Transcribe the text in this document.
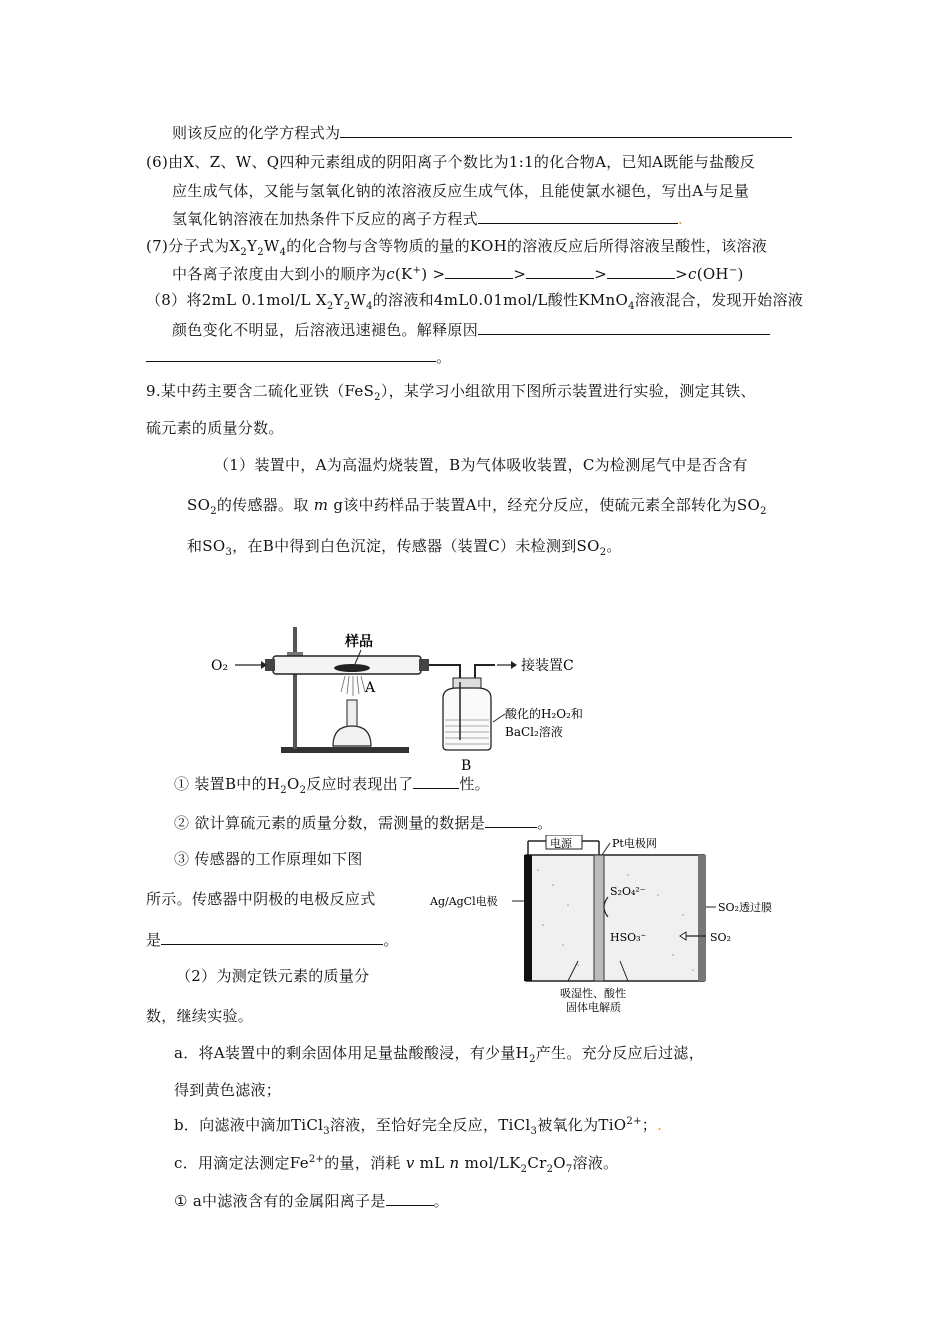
则该反应的化学方程式为
(6)由X、Z、W、Q四种元素组成的阴阳离子个数比为1:1的化合物A，已知A既能与盐酸反
应生成气体，又能与氢氧化钠的浓溶液反应生成气体，且能使氯水褪色，写出A与足量
氢氧化钠溶液在加热条件下反应的离子方程式	.
(7)分子式为$X_2Y_2W_4$的化合物与含等物质的量的KOH的溶液反应后所得溶液呈酸性，该溶液
中各离子浓度由大到小的顺序为c(K+) >	>	>	>c(OH−)
（8）将2mL 0.1mol/L $X_2Y_2W_4$的溶液和4mL0.01mol/L酸性KMnO$_4$溶液混合，发现开始溶液
颜色变化不明显，后溶液迅速褪色。解释原因
。
9.某中药主要含二硫化亚铁（FeS$_2$），某学习小组欲用下图所示装置进行实验，测定其铁、
硫元素的质量分数。
（1）装置中，A为高温灼烧装置，B为气体吸收装置，C为检测尾气中是否含有
$SO_2$的传感器。取 m g该中药样品于装置A中，经充分反应，使硫元素全部转化为$SO_2$
和$SO_3$，在B中得到白色沉淀，传感器（装置C）未检测到$SO_2$。
O₂
样品
A
接装置C
酸化的H₂O₂和
BaCl₂溶液
B
① 装置B中的$H_2O_2$反应时表现出了	性。
② 欲计算硫元素的质量分数，需测量的数据是	。
③ 传感器的工作原理如下图
所示。传感器中阴极的电极反应式
是	。
（2）为测定铁元素的质量分
数，继续实验。
电源	Pt电极网
Ag/AgCl电极	SO₂透过膜
S₂O₄²⁻
HSO₃⁻	SO₂
吸湿性、酸性
固体电解质
a．将A装置中的剩余固体用足量盐酸酸浸，有少量$H_2$产生。充分反应后过滤，
得到黄色滤液；
b．向滤液中滴加TiCl$_3$溶液，至恰好完全反应，TiCl$_3$被氧化为TiO$^{2+}$；.
c．用滴定法测定$Fe^{2+}$的量，消耗 v mL n mol/$LK_2Cr_2O_7$溶液。
① a中滤液含有的金属阳离子是	。
